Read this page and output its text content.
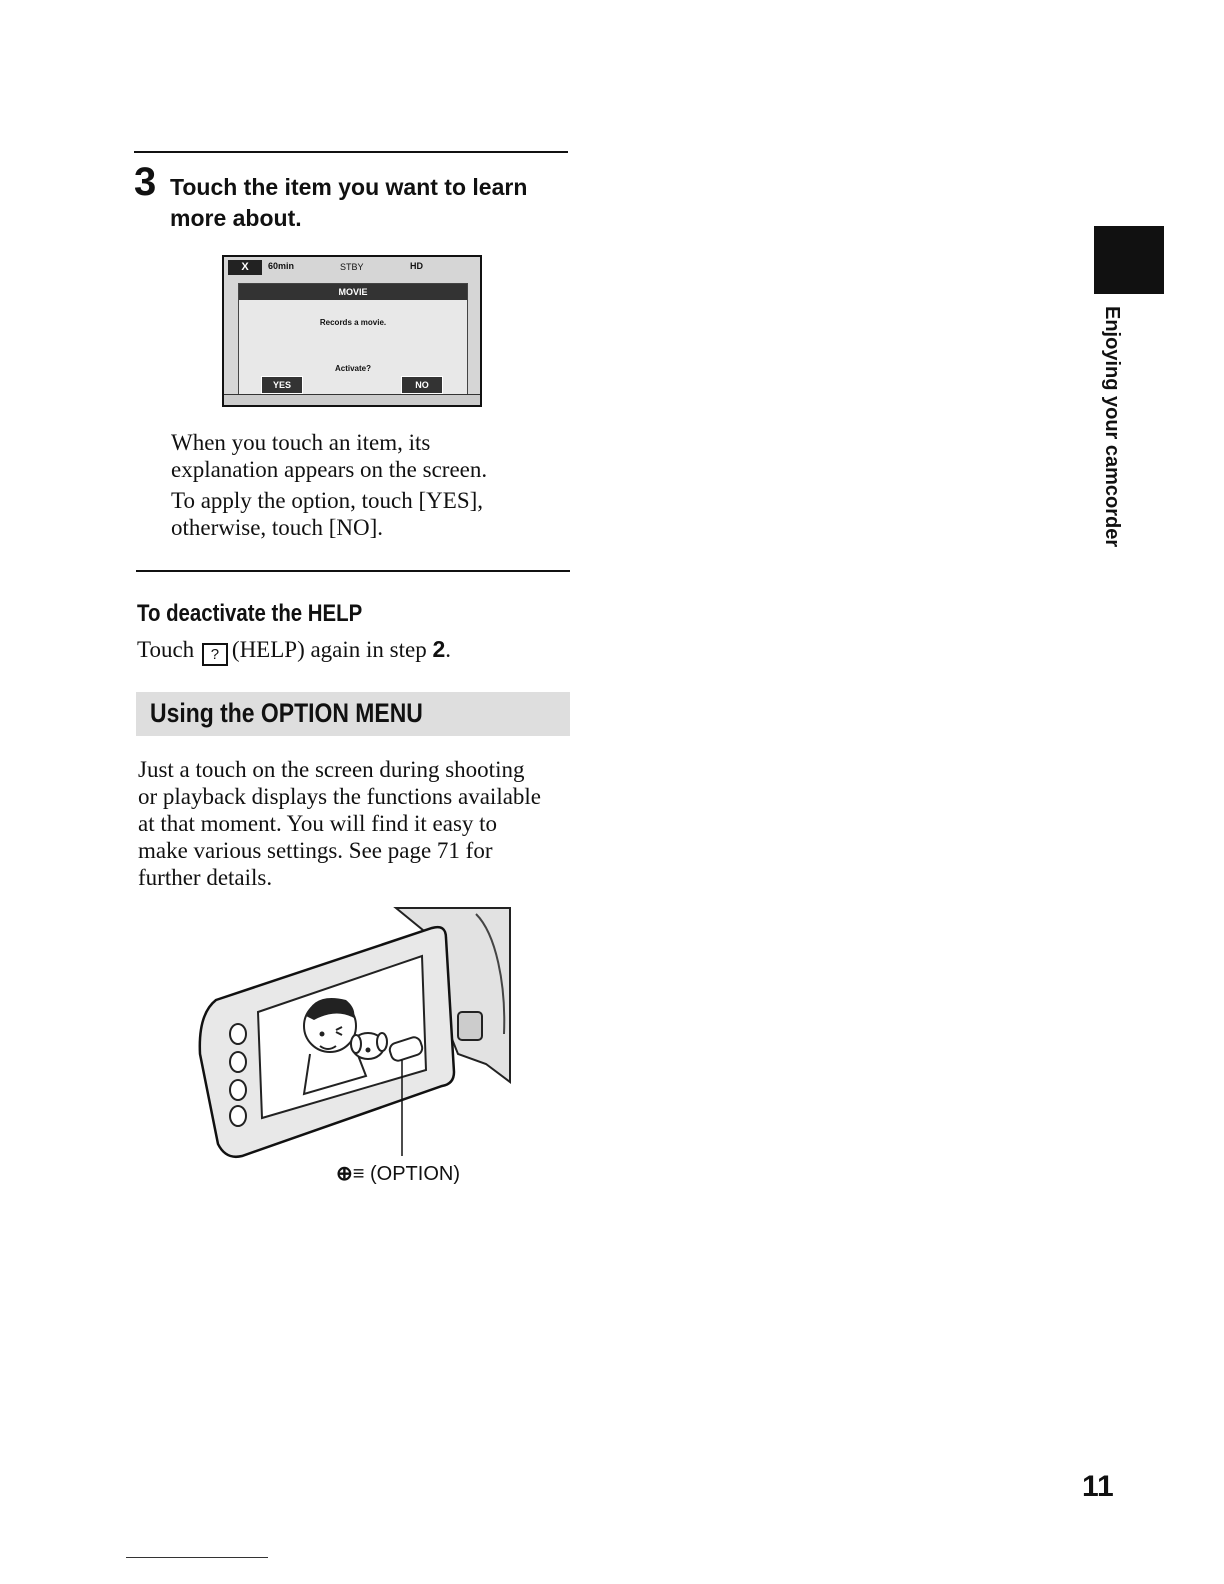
3 Touch the item you want to learn more about.
X	60min	STBY	HD
MOVIE
Records a movie.
Activate?
YES	NO
When you touch an item, its
explanation appears on the screen.
To apply the option, touch [YES],
otherwise, touch [NO].
To deactivate the HELP
Touch ? (HELP) again in step 2.
Using the OPTION MENU
Just a touch on the screen during shooting
or playback displays the functions available
at that moment. You will find it easy to
make various settings. See page 71 for
further details.
⊕≡ (OPTION)
Enjoying your camcorder
11
